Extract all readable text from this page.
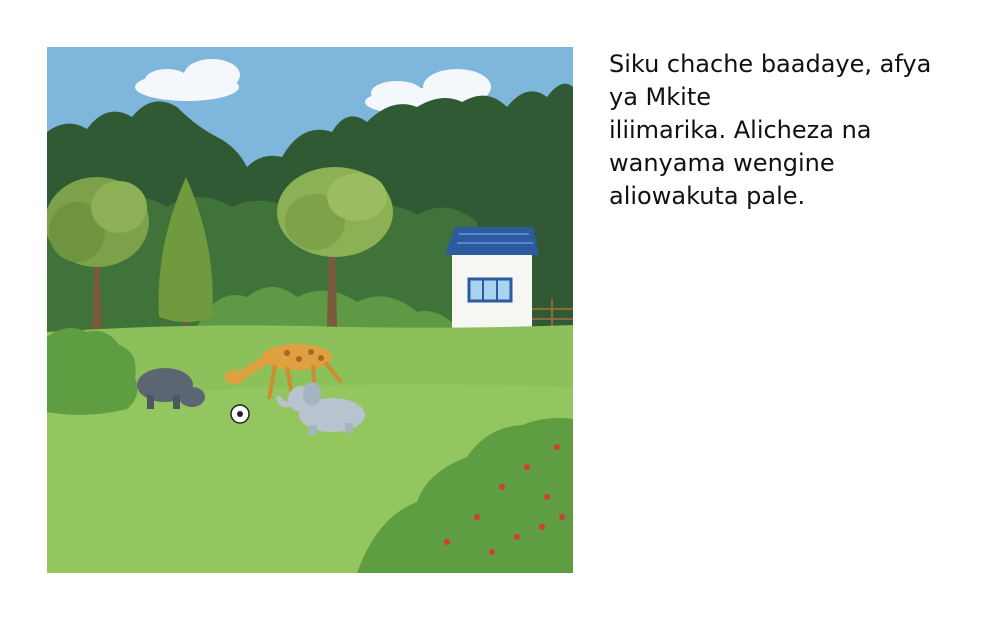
Siku chache baadaye, afya
ya Mkite
iliimarika. Alicheza na
wanyama wengine
aliowakuta pale.
